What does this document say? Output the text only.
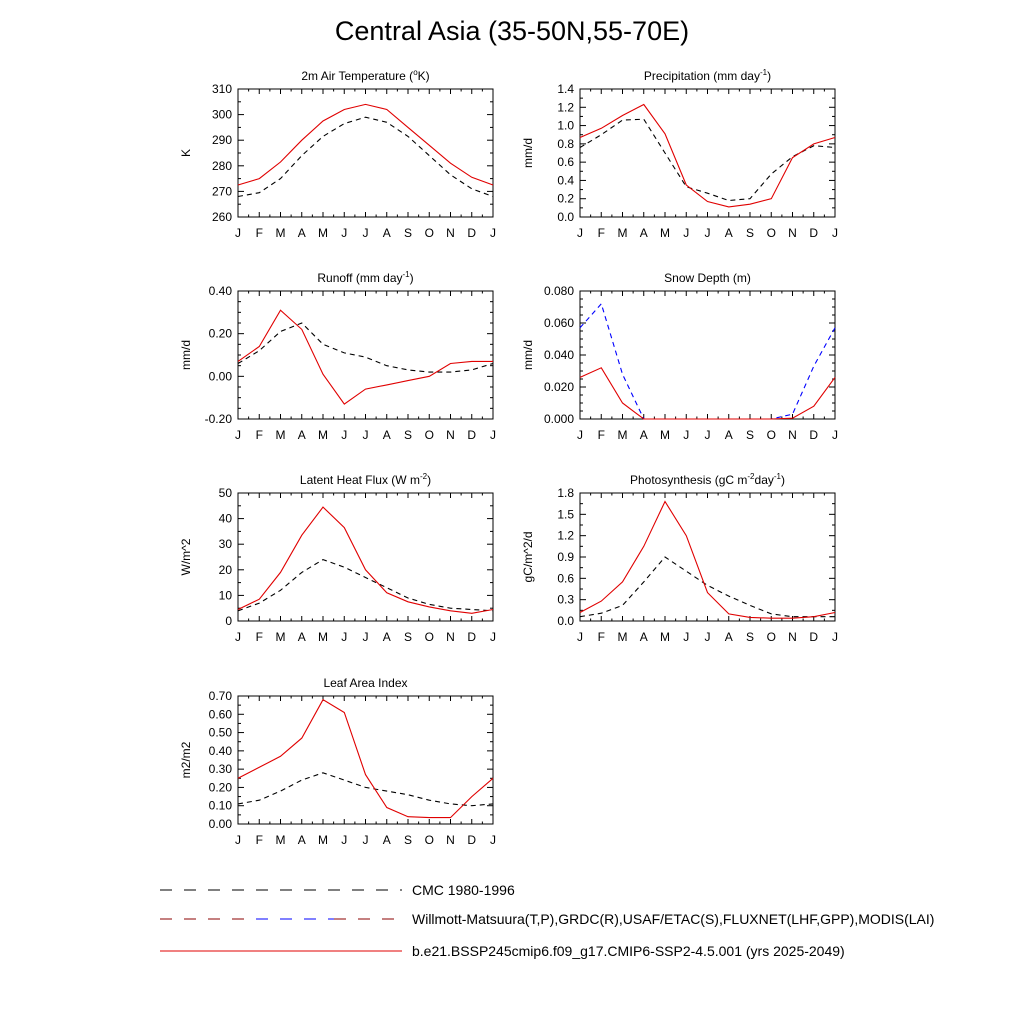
Central Asia (35-50N,55-70E)
2m Air Temperature ($^o$K)
K
J F M A M J J A S O N D J
260
270
280
290
300
310
Precipitation (mm day$^{-1}$)
mm/d
J F M A M J J A S O N D J
0.0
0.2
0.4
0.6
0.8
1.0
1.2
1.4
Runoff (mm day$^{-1}$)
mm/d
J F M A M J J A S O N D J
-0.20
0.00
0.20
0.40
Snow Depth (m)
mm/d
J F M A M J J A S O N D J
0.000
0.020
0.040
0.060
0.080
Latent Heat Flux (W $m^{-2}$)
W/m^2
J F M A M J J A S O N D J
0
10
20
30
40
50
Photosynthesis (gC $m^{-2}day^{-1}$)
gC/m^2/d
J F M A M J J A S O N D J
0.0
0.3
0.6
0.9
1.2
1.5
1.8
Leaf Area Index
m2/m2
J F M A M J J A S O N D J
0.00
0.10
0.20
0.30
0.40
0.50
0.60
0.70
CMC 1980-1996
Willmott-Matsuura(T,P),GRDC(R),USAF/ETAC(S),FLUXNET(LHF,GPP),MODIS(LAI)
b.e21.BSSP245cmip6.f09_g17.CMIP6-SSP2-4.5.001 (yrs 2025-2049)
